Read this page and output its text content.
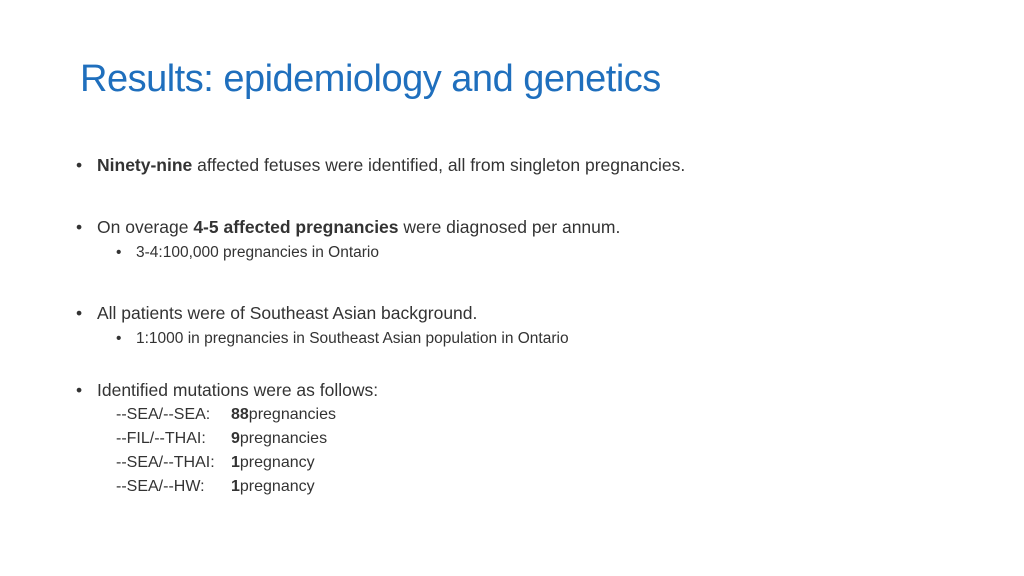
Results: epidemiology and genetics
• Ninety-nine affected fetuses were identified, all from singleton pregnancies.
• On overage 4-5 affected pregnancies were diagnosed per annum.
• 3-4:100,000 pregnancies in Ontario
• All patients were of Southeast Asian background.
• 1:1000 in pregnancies in Southeast Asian population in Ontario
• Identified mutations were as follows:
--SEA/--SEA:	88 pregnancies
--FIL/--THAI:	9 pregnancies
--SEA/--THAI:	1 pregnancy
--SEA/--HW:	1 pregnancy
